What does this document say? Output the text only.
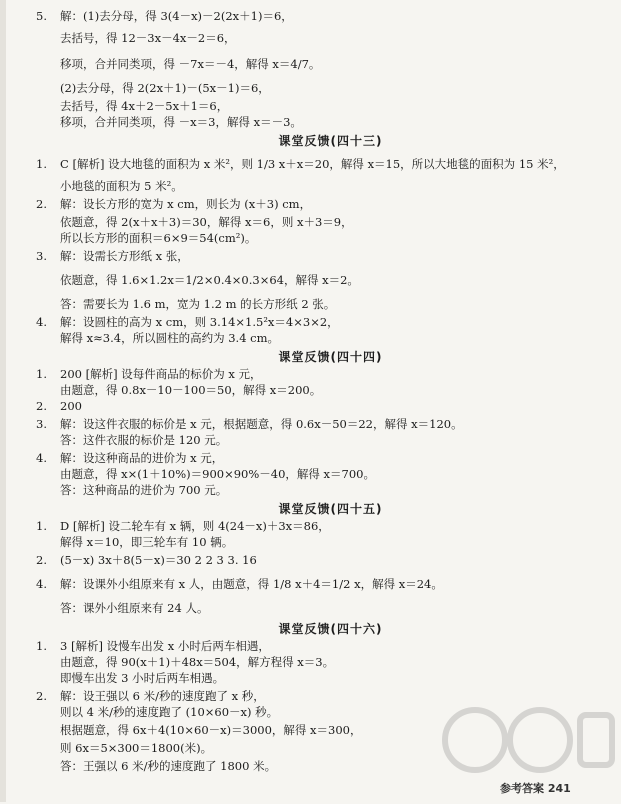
5. 解：(1)去分母，得 3(4－x)－2(2x＋1)＝6，
去括号，得 12－3x－4x－2＝6，
移项，合并同类项，得 －7x＝－4，解得 x＝4/7。
(2)去分母，得 2(2x＋1)－(5x－1)＝6，
去括号，得 4x＋2－5x＋1＝6，
移项，合并同类项，得 －x＝3，解得 x＝－3。
课堂反馈(四十三)
1. C [解析] 设大地毯的面积为 x 米²，则 1/3 x＋x＝20，解得 x＝15，所以大地毯的面积为 15 米²，
小地毯的面积为 5 米²。
2. 解：设长方形的宽为 x cm，则长为 (x＋3) cm，
依题意，得 2(x＋x＋3)＝30，解得 x＝6，则 x＋3＝9，
所以长方形的面积＝6×9＝54(cm²)。
3. 解：设需长方形纸 x 张，
依题意，得 1.6×1.2x＝1/2×0.4×0.3×64，解得 x＝2。
答：需要长为 1.6 m，宽为 1.2 m 的长方形纸 2 张。
4. 解：设圆柱的高为 x cm，则 3.14×1.5²x＝4×3×2，
解得 x≈3.4，所以圆柱的高约为 3.4 cm。
课堂反馈(四十四)
1. 200 [解析] 设每件商品的标价为 x 元，
由题意，得 0.8x－10－100＝50，解得 x＝200。
2. 200
3. 解：设这件衣服的标价是 x 元，根据题意，得 0.6x－50＝22，解得 x＝120。
答：这件衣服的标价是 120 元。
4. 解：设这种商品的进价为 x 元，
由题意，得 x×(1＋10%)＝900×90%－40，解得 x＝700。
答：这种商品的进价为 700 元。
课堂反馈(四十五)
1. D [解析] 设二轮车有 x 辆，则 4(24－x)＋3x＝86，
解得 x＝10，即三轮车有 10 辆。
2. (5－x) 3x＋8(5－x)＝30 2 2 3 3. 16
4. 解：设课外小组原来有 x 人，由题意，得 1/8 x＋4＝1/2 x，解得 x＝24。
答：课外小组原来有 24 人。
课堂反馈(四十六)
1. 3 [解析] 设慢车出发 x 小时后两车相遇，
由题意，得 90(x＋1)＋48x＝504，解方程得 x＝3。
即慢车出发 3 小时后两车相遇。
2. 解：设王强以 6 米/秒的速度跑了 x 秒，
则以 4 米/秒的速度跑了 (10×60－x) 秒。
根据题意，得 6x＋4(10×60－x)＝3000，解得 x＝300，
则 6x＝5×300＝1800(米)。
答：王强以 6 米/秒的速度跑了 1800 米。
参考答案 241
